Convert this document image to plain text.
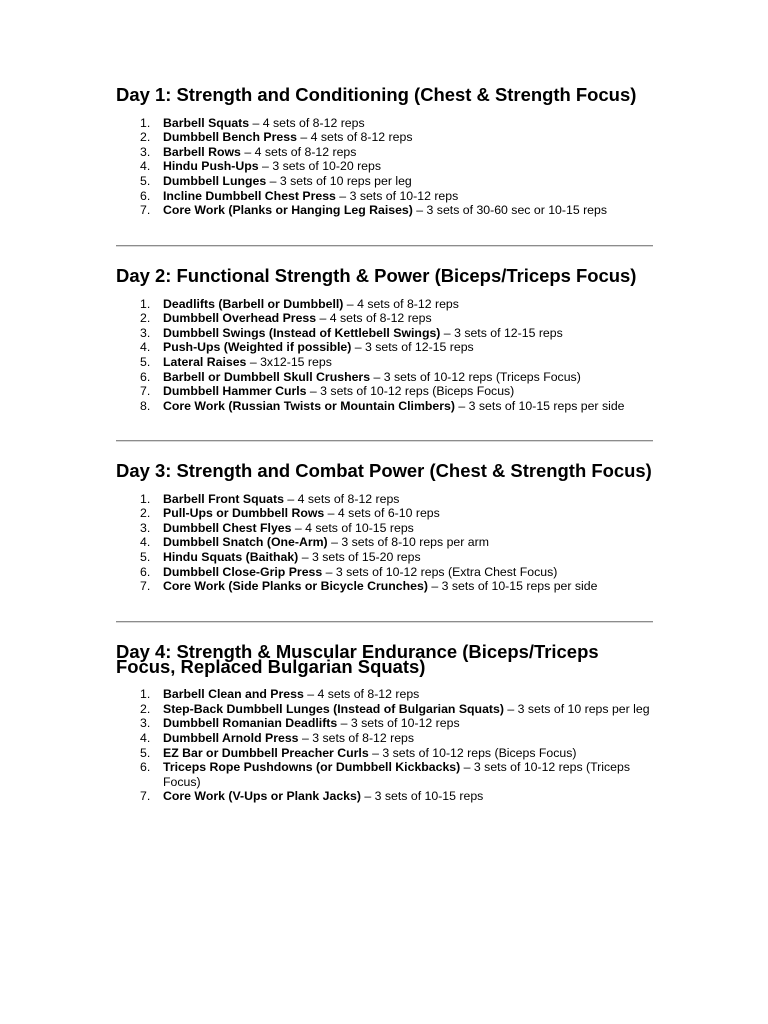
Day 1: Strength and Conditioning (Chest & Strength Focus)
1. Barbell Squats – 4 sets of 8-12 reps
2. Dumbbell Bench Press – 4 sets of 8-12 reps
3. Barbell Rows – 4 sets of 8-12 reps
4. Hindu Push-Ups – 3 sets of 10-20 reps
5. Dumbbell Lunges – 3 sets of 10 reps per leg
6. Incline Dumbbell Chest Press – 3 sets of 10-12 reps
7. Core Work (Planks or Hanging Leg Raises) – 3 sets of 30-60 sec or 10-15 reps
Day 2: Functional Strength & Power (Biceps/Triceps Focus)
1. Deadlifts (Barbell or Dumbbell) – 4 sets of 8-12 reps
2. Dumbbell Overhead Press – 4 sets of 8-12 reps
3. Dumbbell Swings (Instead of Kettlebell Swings) – 3 sets of 12-15 reps
4. Push-Ups (Weighted if possible) – 3 sets of 12-15 reps
5. Lateral Raises – 3x12-15 reps
6. Barbell or Dumbbell Skull Crushers – 3 sets of 10-12 reps (Triceps Focus)
7. Dumbbell Hammer Curls – 3 sets of 10-12 reps (Biceps Focus)
8. Core Work (Russian Twists or Mountain Climbers) – 3 sets of 10-15 reps per side
Day 3: Strength and Combat Power (Chest & Strength Focus)
1. Barbell Front Squats – 4 sets of 8-12 reps
2. Pull-Ups or Dumbbell Rows – 4 sets of 6-10 reps
3. Dumbbell Chest Flyes – 4 sets of 10-15 reps
4. Dumbbell Snatch (One-Arm) – 3 sets of 8-10 reps per arm
5. Hindu Squats (Baithak) – 3 sets of 15-20 reps
6. Dumbbell Close-Grip Press – 3 sets of 10-12 reps (Extra Chest Focus)
7. Core Work (Side Planks or Bicycle Crunches) – 3 sets of 10-15 reps per side
Day 4: Strength & Muscular Endurance (Biceps/Triceps Focus, Replaced Bulgarian Squats)
1. Barbell Clean and Press – 4 sets of 8-12 reps
2. Step-Back Dumbbell Lunges (Instead of Bulgarian Squats) – 3 sets of 10 reps per leg
3. Dumbbell Romanian Deadlifts – 3 sets of 10-12 reps
4. Dumbbell Arnold Press – 3 sets of 8-12 reps
5. EZ Bar or Dumbbell Preacher Curls – 3 sets of 10-12 reps (Biceps Focus)
6. Triceps Rope Pushdowns (or Dumbbell Kickbacks) – 3 sets of 10-12 reps (Triceps Focus)
7. Core Work (V-Ups or Plank Jacks) – 3 sets of 10-15 reps
